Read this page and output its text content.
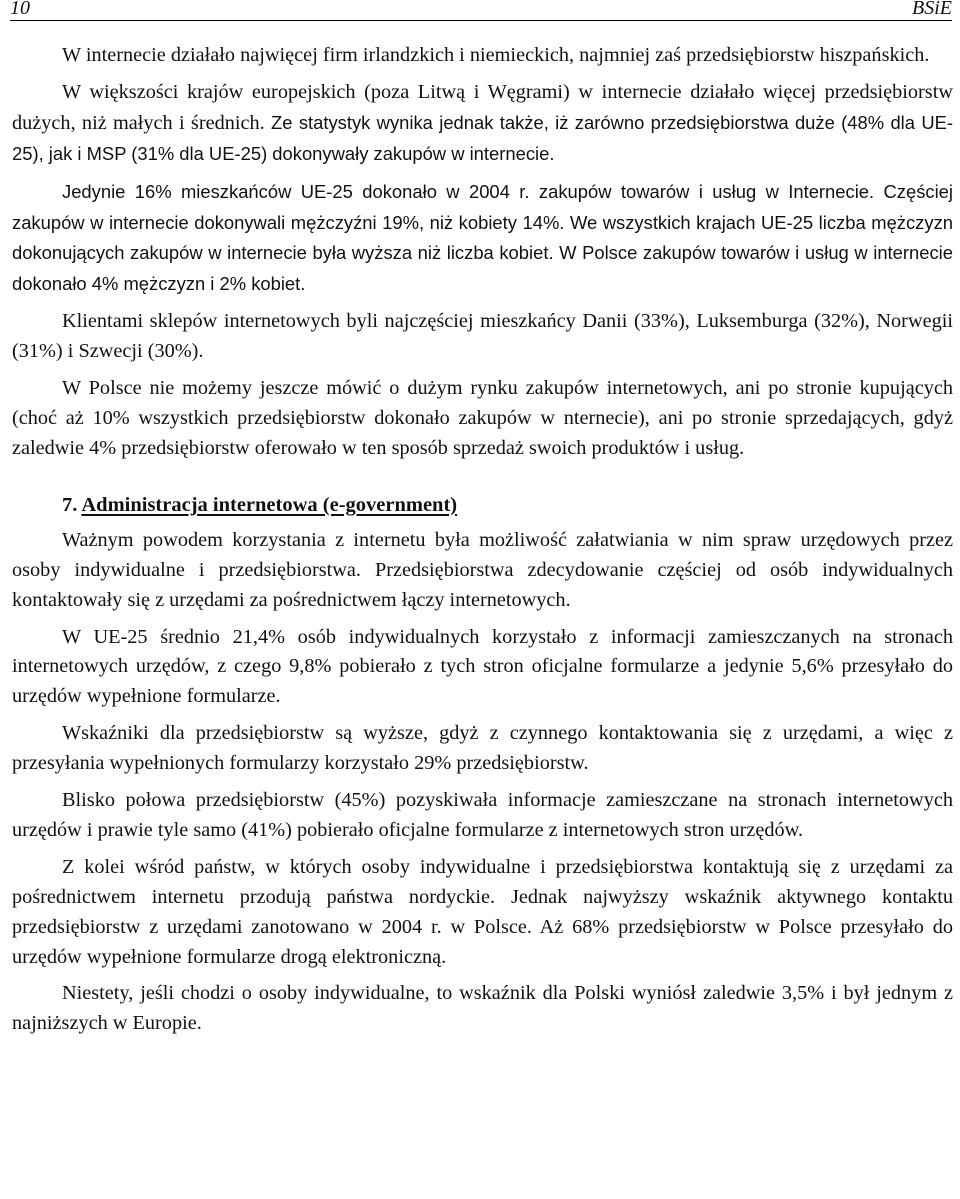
10	BSiE

W internecie działało najwięcej firm irlandzkich i niemieckich, najmniej zaś przedsiębiorstw hiszpańskich.

W większości krajów europejskich (poza Litwą i Węgrami) w internecie działało więcej przedsiębiorstw dużych, niż małych i średnich. Ze statystyk wynika jednak także, iż zarówno przedsiębiorstwa duże (48% dla UE-25), jak i MSP (31% dla UE-25) dokonywały zakupów w internecie.

Jedynie 16% mieszkańców UE-25 dokonało w 2004 r. zakupów towarów i usług w Internecie. Częściej zakupów w internecie dokonywali mężczyźni 19%, niż kobiety 14%. We wszystkich krajach UE-25 liczba mężczyzn dokonujących zakupów w internecie była wyższa niż liczba kobiet. W Polsce zakupów towarów i usług w internecie dokonało 4% mężczyzn i 2% kobiet.

Klientami sklepów internetowych byli najczęściej mieszkańcy Danii (33%), Luksemburga (32%), Norwegii (31%) i Szwecji (30%).

W Polsce nie możemy jeszcze mówić o dużym rynku zakupów internetowych, ani po stronie kupujących (choć aż 10% wszystkich przedsiębiorstw dokonało zakupów w nternecie), ani po stronie sprzedających, gdyż zaledwie 4% przedsiębiorstw oferowało w ten sposób sprzedaż swoich produktów i usług.

7. Administracja internetowa (e-government)

Ważnym powodem korzystania z internetu była możliwość załatwiania w nim spraw urzędowych przez osoby indywidualne i przedsiębiorstwa. Przedsiębiorstwa zdecydowanie częściej od osób indywidualnych kontaktowały się z urzędami za pośrednictwem łączy internetowych.

W UE-25 średnio 21,4% osób indywidualnych korzystało z informacji zamieszczanych na stronach internetowych urzędów, z czego 9,8% pobierało z tych stron oficjalne formularze a jedynie 5,6% przesyłało do urzędów wypełnione formularze.

Wskaźniki dla przedsiębiorstw są wyższe, gdyż z czynnego kontaktowania się z urzędami, a więc z przesyłania wypełnionych formularzy korzystało 29% przedsiębiorstw.

Blisko połowa przedsiębiorstw (45%) pozyskiwała informacje zamieszczane na stronach internetowych urzędów i prawie tyle samo (41%) pobierało oficjalne formularze z internetowych stron urzędów.

Z kolei wśród państw, w których osoby indywidualne i przedsiębiorstwa kontaktują się z urzędami za pośrednictwem internetu przodują państwa nordyckie. Jednak najwyższy wskaźnik aktywnego kontaktu przedsiębiorstw z urzędami zanotowano w 2004 r. w Polsce. Aż 68% przedsiębiorstw w Polsce przesyłało do urzędów wypełnione formularze drogą elektroniczną.

Niestety, jeśli chodzi o osoby indywidualne, to wskaźnik dla Polski wyniósł zaledwie 3,5% i był jednym z najniższych w Europie.
